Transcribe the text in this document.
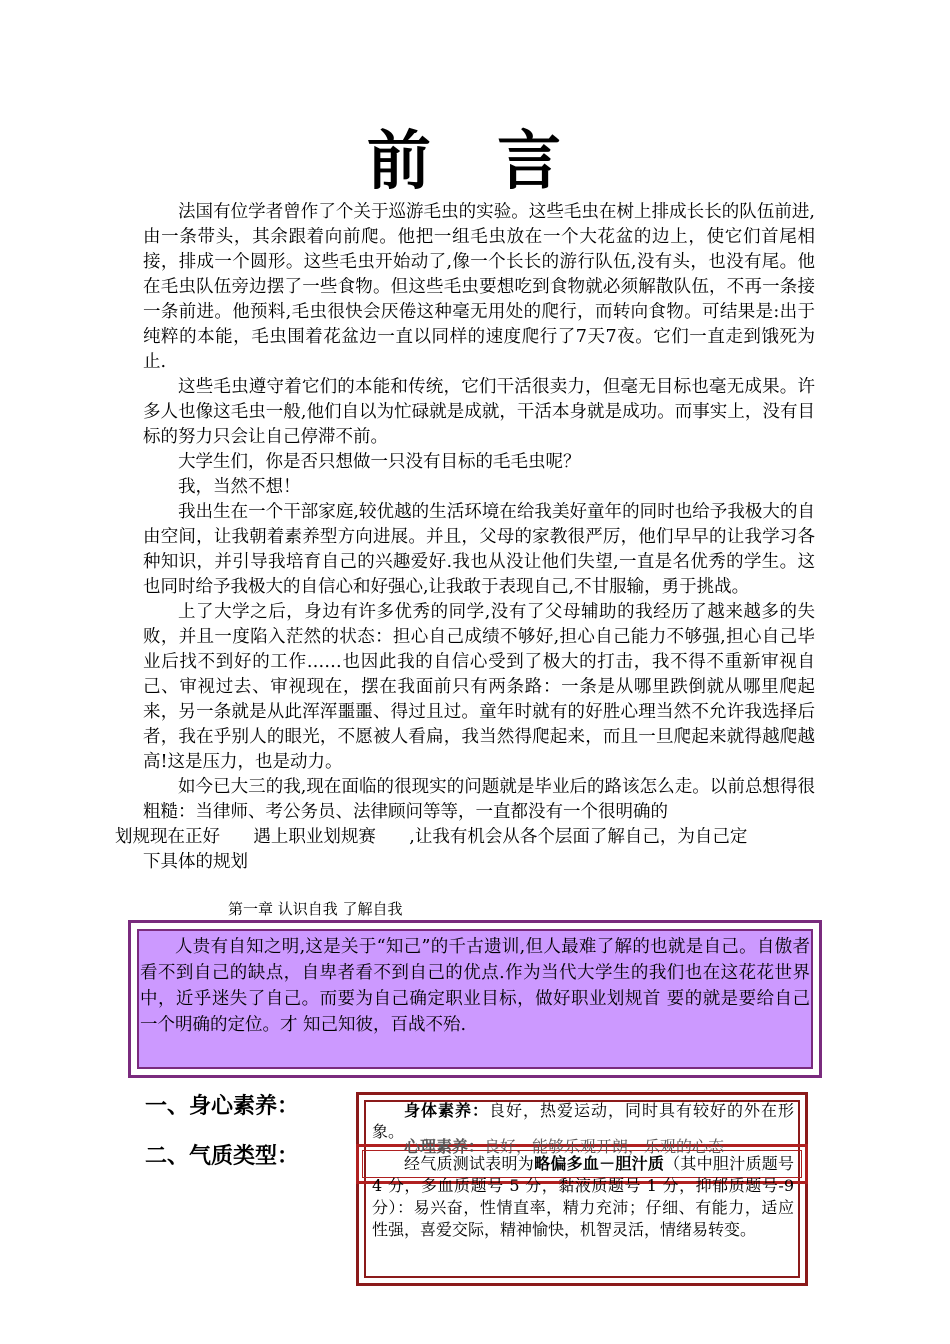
前 言

法国有位学者曾作了个关于巡游毛虫的实验。这些毛虫在树上排成长长的队伍前进,由一条带头，其余跟着向前爬。他把一组毛虫放在一个大花盆的边上，使它们首尾相接，排成一个圆形。这些毛虫开始动了,像一个长长的游行队伍,没有头，也没有尾。他在毛虫队伍旁边摆了一些食物。但这些毛虫要想吃到食物就必须解散队伍，不再一条接一条前进。他预料,毛虫很快会厌倦这种毫无用处的爬行，而转向食物。可结果是:出于纯粹的本能，毛虫围着花盆边一直以同样的速度爬行了7天7夜。它们一直走到饿死为止.

这些毛虫遵守着它们的本能和传统，它们干活很卖力，但毫无目标也毫无成果。许多人也像这毛虫一般,他们自以为忙碌就是成就，干活本身就是成功。而事实上，没有目标的努力只会让自己停滞不前。

大学生们，你是否只想做一只没有目标的毛毛虫呢？

我，当然不想！

我出生在一个干部家庭,较优越的生活环境在给我美好童年的同时也给予我极大的自由空间，让我朝着素养型方向进展。并且，父母的家教很严厉，他们早早的让我学习各种知识，并引导我培育自己的兴趣爱好.我也从没让他们失望,一直是名优秀的学生。这也同时给予我极大的自信心和好强心,让我敢于表现自己,不甘服输，勇于挑战。

上了大学之后，身边有许多优秀的同学,没有了父母辅助的我经历了越来越多的失败，并且一度陷入茫然的状态：担心自己成绩不够好,担心自己能力不够强,担心自己毕业后找不到好的工作……也因此我的自信心受到了极大的打击，我不得不重新审视自己、审视过去、审视现在，摆在我面前只有两条路：一条是从哪里跌倒就从哪里爬起来，另一条就是从此浑浑噩噩、得过且过。童年时就有的好胜心理当然不允许我选择后者，我在乎别人的眼光，不愿被人看扁，我当然得爬起来，而且一旦爬起来就得越爬越高!这是压力，也是动力。

如今已大三的我,现在面临的很现实的问题就是毕业后的路该怎么走。以前总想得很粗糙：当律师、考公务员、法律顾问等等，一直都没有一个很明确的

划规现在正好      遇上职业划规赛      ,让我有机会从各个层面了解自己，为自己定

下具体的规划

第一章 认识自我 了解自我

人贵有自知之明,这是关于“知己”的千古遗训,但人最难了解的也就是自己。自傲者看不到自己的缺点，自卑者看不到自己的优点.作为当代大学生的我们也在这花花世界中，近乎迷失了自己。而要为自己确定职业目标，做好职业划规首 要的就是要给自己一个明确的定位。才 知己知彼，百战不殆.

一、身心素养：
二、气质类型：

身体素养：良好，热爱运动，同时具有较好的外在形象。

心理素养：良好，能够乐观开朗，乐观的心态
经气质测试表明为略偏多血－胆汁质（其中胆汁质题号 4 分，多血质题号 5 分，黏液质题号 1 分，抑郁质题号-9 分）：易兴奋，性情直率，精力充沛；仔细、有能力，适应性强，喜爱交际，精神愉快，机智灵活，情绪易转变。
